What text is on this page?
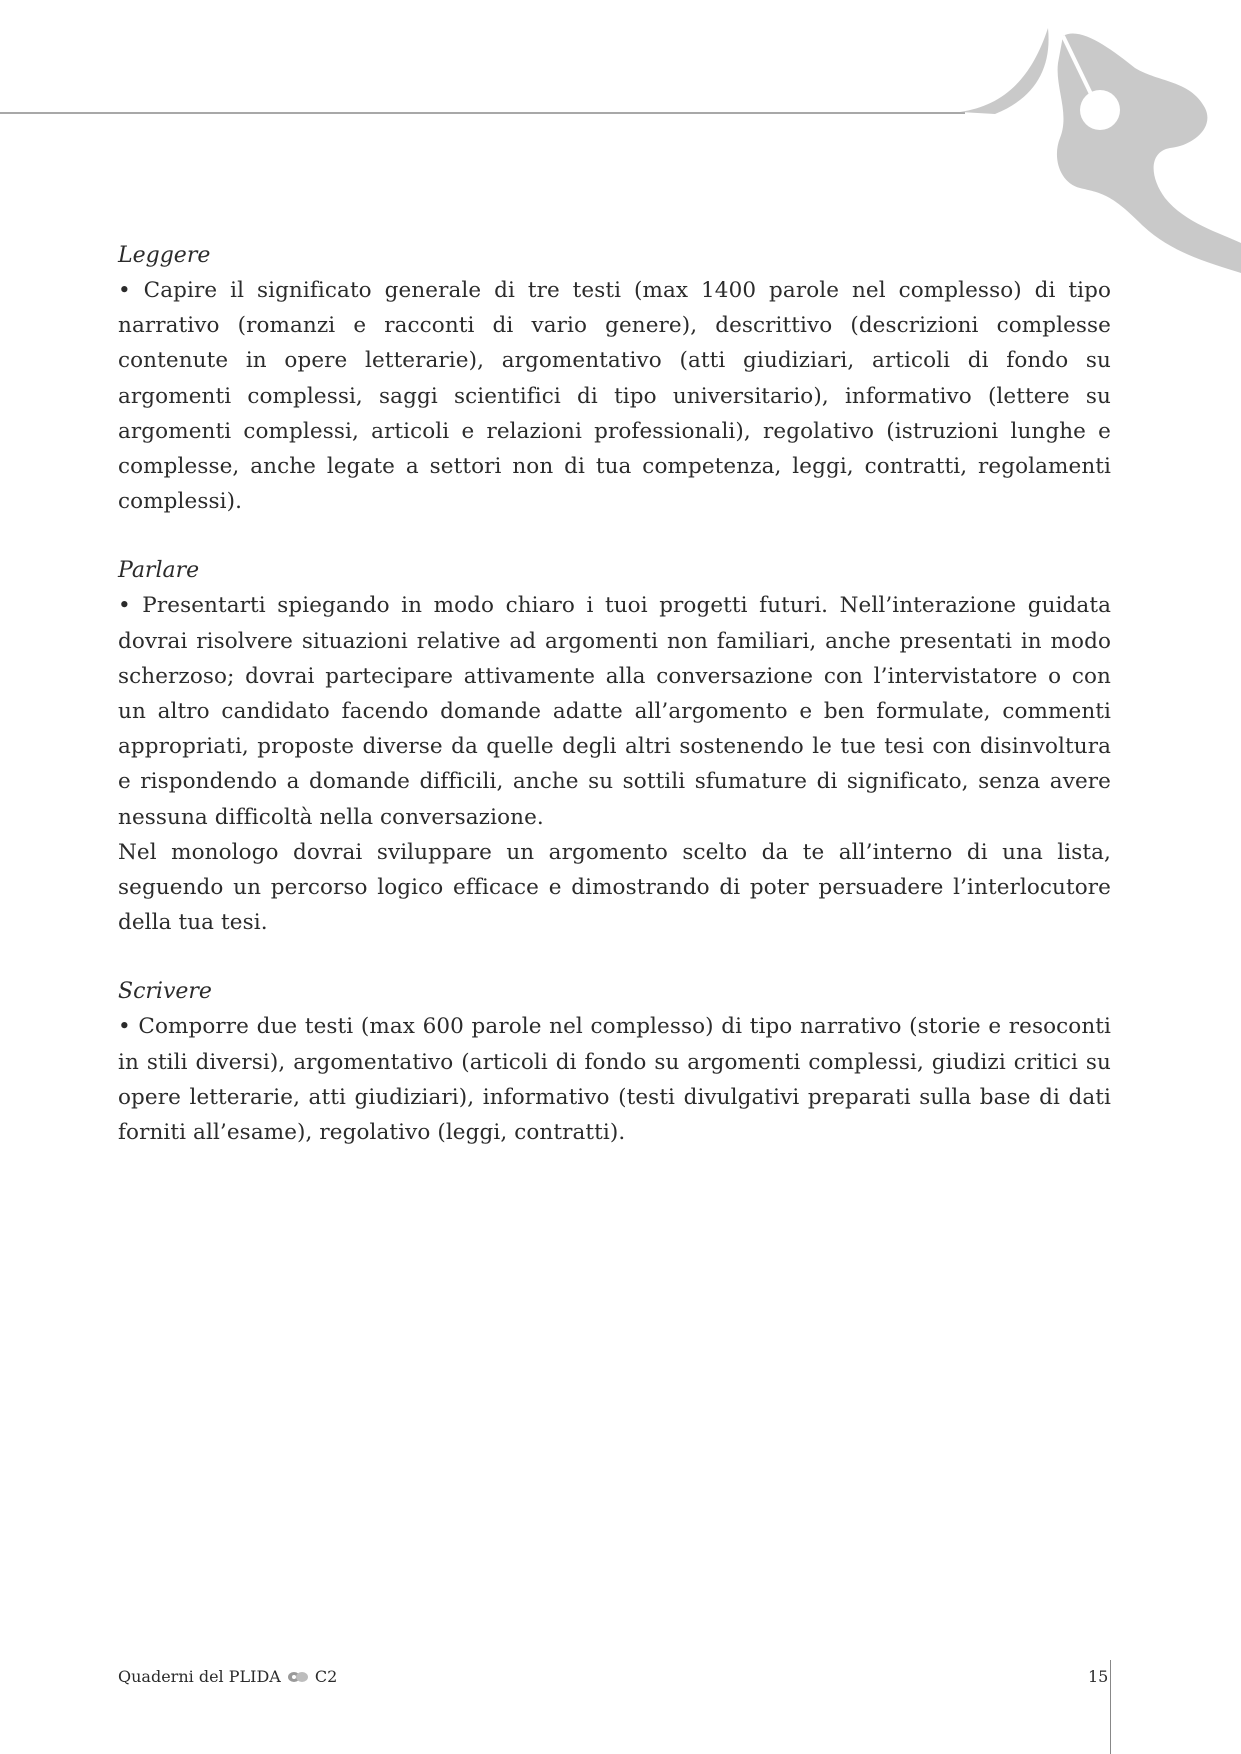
Leggere

• Capire il significato generale di tre testi (max 1400 parole nel complesso) di tipo narrativo (romanzi e racconti di vario genere), descrittivo (descrizioni complesse contenute in opere letterarie), argomentativo (atti giudiziari, articoli di fondo su argomenti complessi, saggi scientifici di tipo universitario), informativo (lettere su argomenti complessi, articoli e relazioni professionali), regolativo (istruzioni lunghe e complesse, anche legate a settori non di tua competenza, leggi, contratti, regolamenti complessi).

Parlare

• Presentarti spiegando in modo chiaro i tuoi progetti futuri. Nell’interazione guidata dovrai risolvere situazioni relative ad argomenti non familiari, anche presentati in modo scherzoso; dovrai partecipare attivamente alla conversazione con l’intervistatore o con un altro candidato facendo domande adatte all’argomento e ben formulate, commenti appropriati, proposte diverse da quelle degli altri sostenendo le tue tesi con disinvoltura e rispondendo a domande difficili, anche su sottili sfumature di significato, senza avere nessuna difficoltà nella conversazione.

Nel monologo dovrai sviluppare un argomento scelto da te all’interno di una lista, seguendo un percorso logico efficace e dimostrando di poter persuadere l’interlocutore della tua tesi.

Scrivere

• Comporre due testi (max 600 parole nel complesso) di tipo narrativo (storie e resoconti in stili diversi), argomentativo (articoli di fondo su argomenti complessi, giudizi critici su opere letterarie, atti giudiziari), informativo (testi divulgativi preparati sulla base di dati forniti all’esame), regolativo (leggi, contratti).

Quaderni del PLIDA C2	15
